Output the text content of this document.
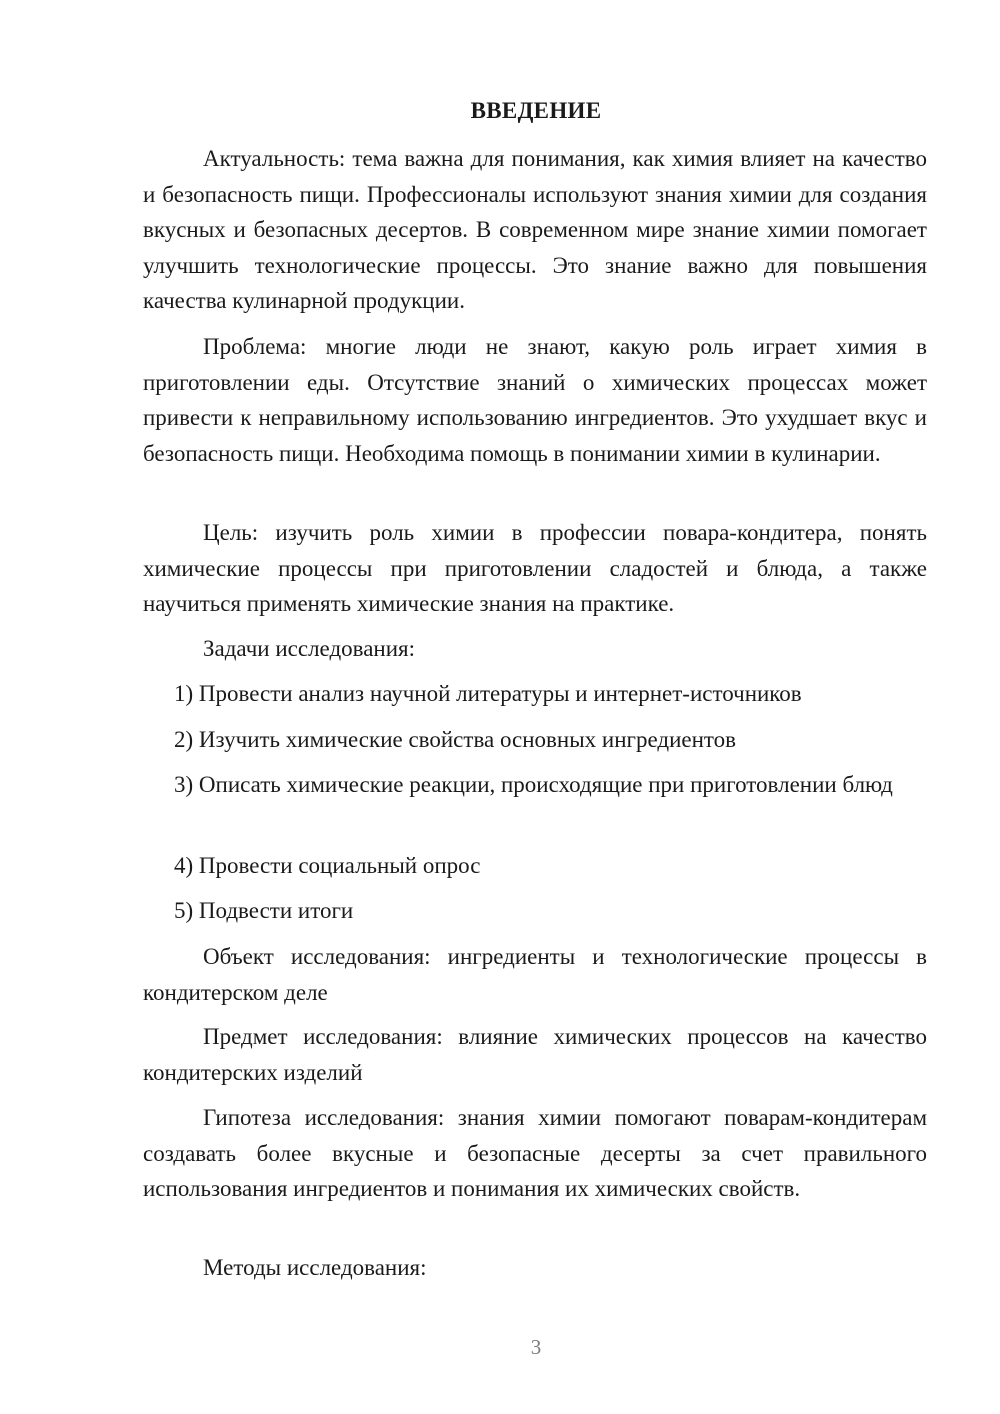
ВВЕДЕНИЕ

Актуальность: тема важна для понимания, как химия влияет на качество и безопасность пищи. Профессионалы используют знания химии для создания вкусных и безопасных десертов. В современном мире знание химии помогает улучшить технологические процессы. Это знание важно для повышения качества кулинарной продукции.

Проблема: многие люди не знают, какую роль играет химия в приготовлении еды. Отсутствие знаний о химических процессах может привести к неправильному использованию ингредиентов. Это ухудшает вкус и безопасность пищи. Необходима помощь в понимании химии в кулинарии.

Цель: изучить роль химии в профессии повара-кондитера, понять химические процессы при приготовлении сладостей и блюда, а также научиться применять химические знания на практике.

Задачи исследования:

1) Провести анализ научной литературы и интернет-источников

2) Изучить химические свойства основных ингредиентов

3) Описать химические реакции, происходящие при приготовлении блюд

4) Провести социальный опрос

5) Подвести итоги

Объект исследования: ингредиенты и технологические процессы в кондитерском деле

Предмет исследования: влияние химических процессов на качество кондитерских изделий

Гипотеза исследования: знания химии помогают поварам-кондитерам создавать более вкусные и безопасные десерты за счет правильного использования ингредиентов и понимания их химических свойств.

Методы исследования:

3
